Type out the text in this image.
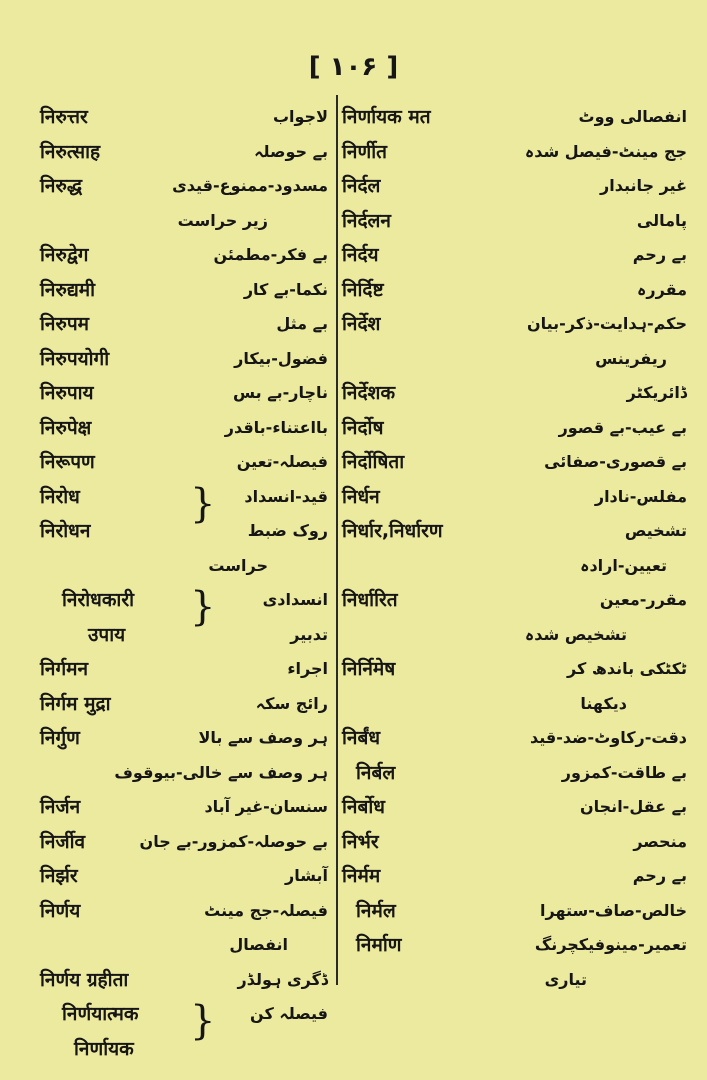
[ ۱۰۶ ]
निरुत्तर	لاجواب
निरुत्साह	بے حوصلہ
निरुद्ध	مسدود-ممنوع-قیدی
زیر حراست
निरुद्वेग	بے فکر-مطمئن
निरुद्यमी	نکما-بے کار
निरुपम	بے مثل
निरुपयोगी	فضول-بیکار
निरुपाय	ناچار-بے بس
निरुपेक्ष	بااعتناء-باقدر
निरूपण	فیصلہ-تعین
निरोध	} قید-انسداد
निरोधन	روک ضبط
حراست
निरोधकारी }	انسدادی
उपाय	تدبیر
निर्गमन	اجراء
निर्गम मुद्रा	رائج سکہ
निर्गुण	ہر وصف سے بالا
ہر وصف سے خالی-بیوقوف
निर्जन	سنسان-غیر آباد
निर्जीव	بے حوصلہ-کمزور-بے جان
निर्झर	آبشار
निर्णय	فیصلہ-جج مینٹ
انفصال
निर्णय ग्रहीता	ڈگری ہولڈر
निर्णयात्मक } فیصلہ کن
निर्णायक
निर्णायक मत	انفصالی ووٹ
निर्णीत	جج مینٹ-فیصل شدہ
निर्दल	غیر جانبدار
निर्दलन	پامالی
निर्दय	بے رحم
निर्दिष्ट	مقررہ
निर्देश	حکم-ہدایت-ذکر-بیان
ریفرینس
निर्देशक	ڈائریکٹر
निर्दोष	بے عیب-بے قصور
निर्दोषिता	بے قصوری-صفائی
निर्धन	مفلس-نادار
निर्धार,निर्धारण	تشخیص
تعیین-ارادہ
निर्धारित	مقرر-معین
تشخیص شدہ
निर्निमेष	ٹکٹکی باندھ کر
دیکھنا
निर्बंध	دقت-رکاوٹ-ضد-قید
निर्बल	بے طاقت-کمزور
निर्बोध	بے عقل-انجان
निर्भर	منحصر
निर्मम	بے رحم
निर्मल	خالص-صاف-ستھرا
निर्माण	تعمیر-مینوفیکچرنگ
تیاری
